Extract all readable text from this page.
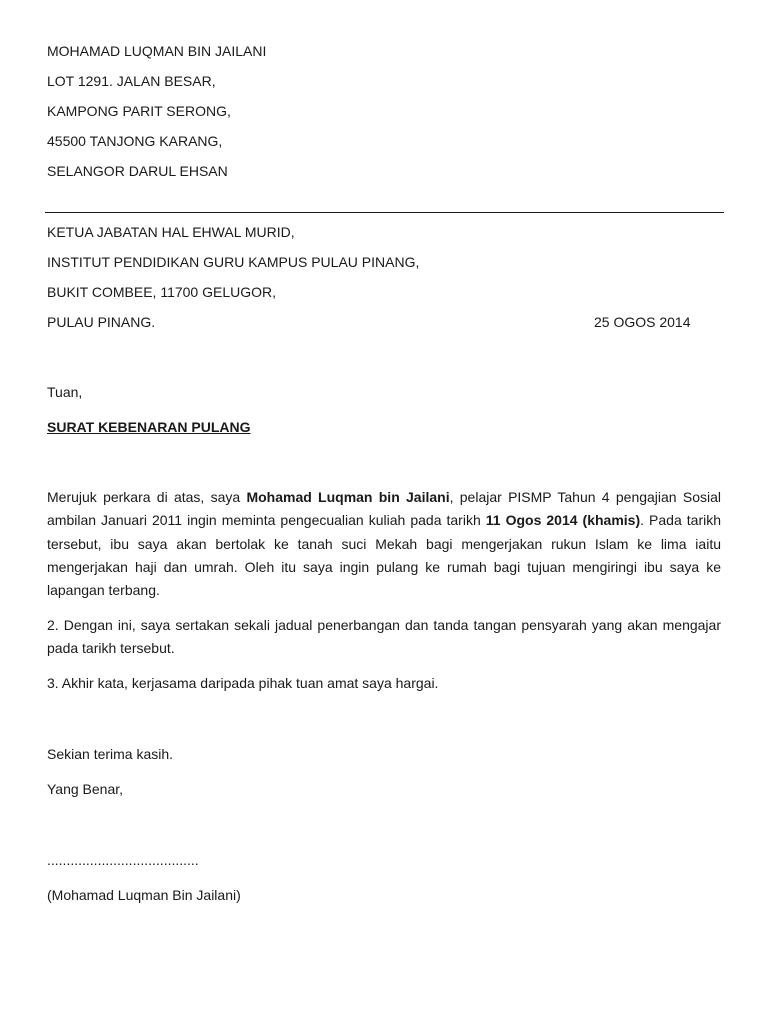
MOHAMAD LUQMAN BIN JAILANI
LOT 1291. JALAN BESAR,
KAMPONG PARIT SERONG,
45500 TANJONG KARANG,
SELANGOR DARUL EHSAN
KETUA JABATAN HAL EHWAL MURID,
INSTITUT PENDIDIKAN GURU KAMPUS PULAU PINANG,
BUKIT COMBEE, 11700 GELUGOR,
PULAU PINANG.	25 OGOS 2014
Tuan,
SURAT KEBENARAN PULANG
Merujuk perkara di atas, saya Mohamad Luqman bin Jailani, pelajar PISMP Tahun 4 pengajian Sosial ambilan Januari 2011 ingin meminta pengecualian kuliah pada tarikh 11 Ogos 2014 (khamis). Pada tarikh tersebut, ibu saya akan bertolak ke tanah suci Mekah bagi mengerjakan rukun Islam ke lima iaitu mengerjakan haji dan umrah. Oleh itu saya ingin pulang ke rumah bagi tujuan mengiringi ibu saya ke lapangan terbang.
2. Dengan ini, saya sertakan sekali jadual penerbangan dan tanda tangan pensyarah yang akan mengajar pada tarikh tersebut.
3. Akhir kata, kerjasama daripada pihak tuan amat saya hargai.
Sekian terima kasih.
Yang Benar,
.......................................
(Mohamad Luqman Bin Jailani)
